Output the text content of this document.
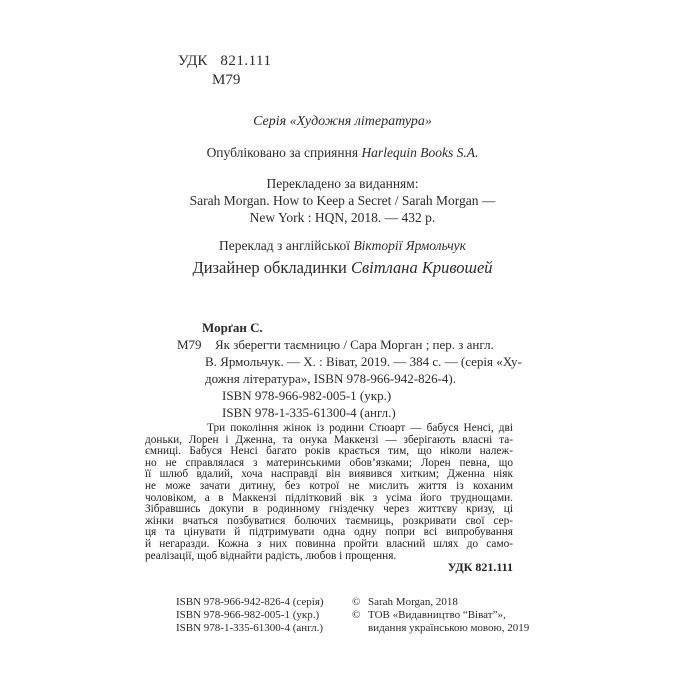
УДК 821.111
М79
Серія «Художня література»
Опубліковано за сприяння Harlequin Books S.A.
Перекладено за виданням:
Sarah Morgan. How to Keep a Secret / Sarah Morgan —
New York : HQN, 2018. — 432 p.
Переклад з англійської Вікторії Ярмольчук
Дизайнер обкладинки Світлана Кривошей
Морґан С.
М79 Як зберегти таємницю / Сара Морган ; пер. з англ.
В. Ярмольчук. — Х. : Віват, 2019. — 384 с. — (серія «Ху-
дожня література», ISBN 978-966-942-826-4).
ISBN 978-966-982-005-1 (укр.)
ISBN 978-1-335-61300-4 (англ.)
Три покоління жінок із родини Стюарт — бабуся Ненсі, дві
доньки, Лорен і Дженна, та онука Маккензі — зберігають власні та-
ємниці. Бабуся Ненсі багато років крається тим, що ніколи належ-
но не справлялася з материнськими обов’язками; Лорен певна, що
її шлюб вдалий, хоча насправді він виявився хитким; Дженна ніяк
не може зачати дитину, без котрої не мислить життя із коханим
чоловіком, а в Маккензі підлітковий вік з усіма його труднощами.
Зібравшись докупи в родинному гніздечку через життєву кризу, ці
жінки вчаться позбуватися болючих таємниць, розкривати свої сер-
ця та цінувати й підтримувати одна одну попри всі випробування
й негаразди. Кожна з них повинна пройти власний шлях до само-
реалізації, щоб віднайти радість, любов і прощення.
УДК 821.111
ISBN 978-966-942-826-4 (серія)
ISBN 978-966-982-005-1 (укр.)
ISBN 978-1-335-61300-4 (англ.)
© Sarah Morgan, 2018
© ТОВ «Видавництво “Віват”»,
видання українською мовою, 2019
